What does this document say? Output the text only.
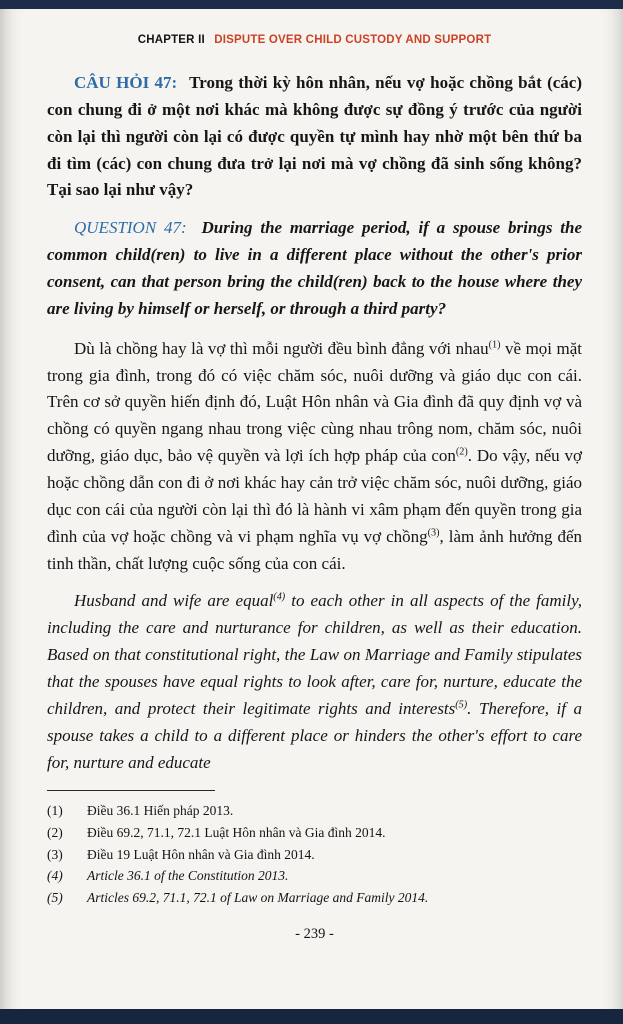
CHAPTER II DISPUTE OVER CHILD CUSTODY AND SUPPORT

CÂU HỎI 47: Trong thời kỳ hôn nhân, nếu vợ hoặc chồng bắt (các) con chung đi ở một nơi khác mà không được sự đồng ý trước của người còn lại thì người còn lại có được quyền tự mình hay nhờ một bên thứ ba đi tìm (các) con chung đưa trở lại nơi mà vợ chồng đã sinh sống không? Tại sao lại như vậy?

QUESTION 47: During the marriage period, if a spouse brings the common child(ren) to live in a different place without the other's prior consent, can that person bring the child(ren) back to the house where they are living by himself or herself, or through a third party?

Dù là chồng hay là vợ thì mỗi người đều bình đẳng với nhau$^{(1)}$ về mọi mặt trong gia đình, trong đó có việc chăm sóc, nuôi dưỡng và giáo dục con cái. Trên cơ sở quyền hiến định đó, Luật Hôn nhân và Gia đình đã quy định vợ và chồng có quyền ngang nhau trong việc cùng nhau trông nom, chăm sóc, nuôi dưỡng, giáo dục, bảo vệ quyền và lợi ích hợp pháp của con$^{(2)}$. Do vậy, nếu vợ hoặc chồng dẫn con đi ở nơi khác hay cản trở việc chăm sóc, nuôi dưỡng, giáo dục con cái của người còn lại thì đó là hành vi xâm phạm đến quyền trong gia đình của vợ hoặc chồng và vi phạm nghĩa vụ vợ chồng$^{(3)}$, làm ảnh hưởng đến tinh thần, chất lượng cuộc sống của con cái.

Husband and wife are equal$^{(4)}$ to each other in all aspects of the family, including the care and nurturance for children, as well as their education. Based on that constitutional right, the Law on Marriage and Family stipulates that the spouses have equal rights to look after, care for, nurture, educate the children, and protect their legitimate rights and interests$^{(5)}$. Therefore, if a spouse takes a child to a different place or hinders the other's effort to care for, nurture and educate

(1)	Điều 36.1 Hiến pháp 2013.
(2)	Điều 69.2, 71.1, 72.1 Luật Hôn nhân và Gia đình 2014.
(3)	Điều 19 Luật Hôn nhân và Gia đình 2014.
(4)	Article 36.1 of the Constitution 2013.
(5)	Articles 69.2, 71.1, 72.1 of Law on Marriage and Family 2014.
- 239 -
